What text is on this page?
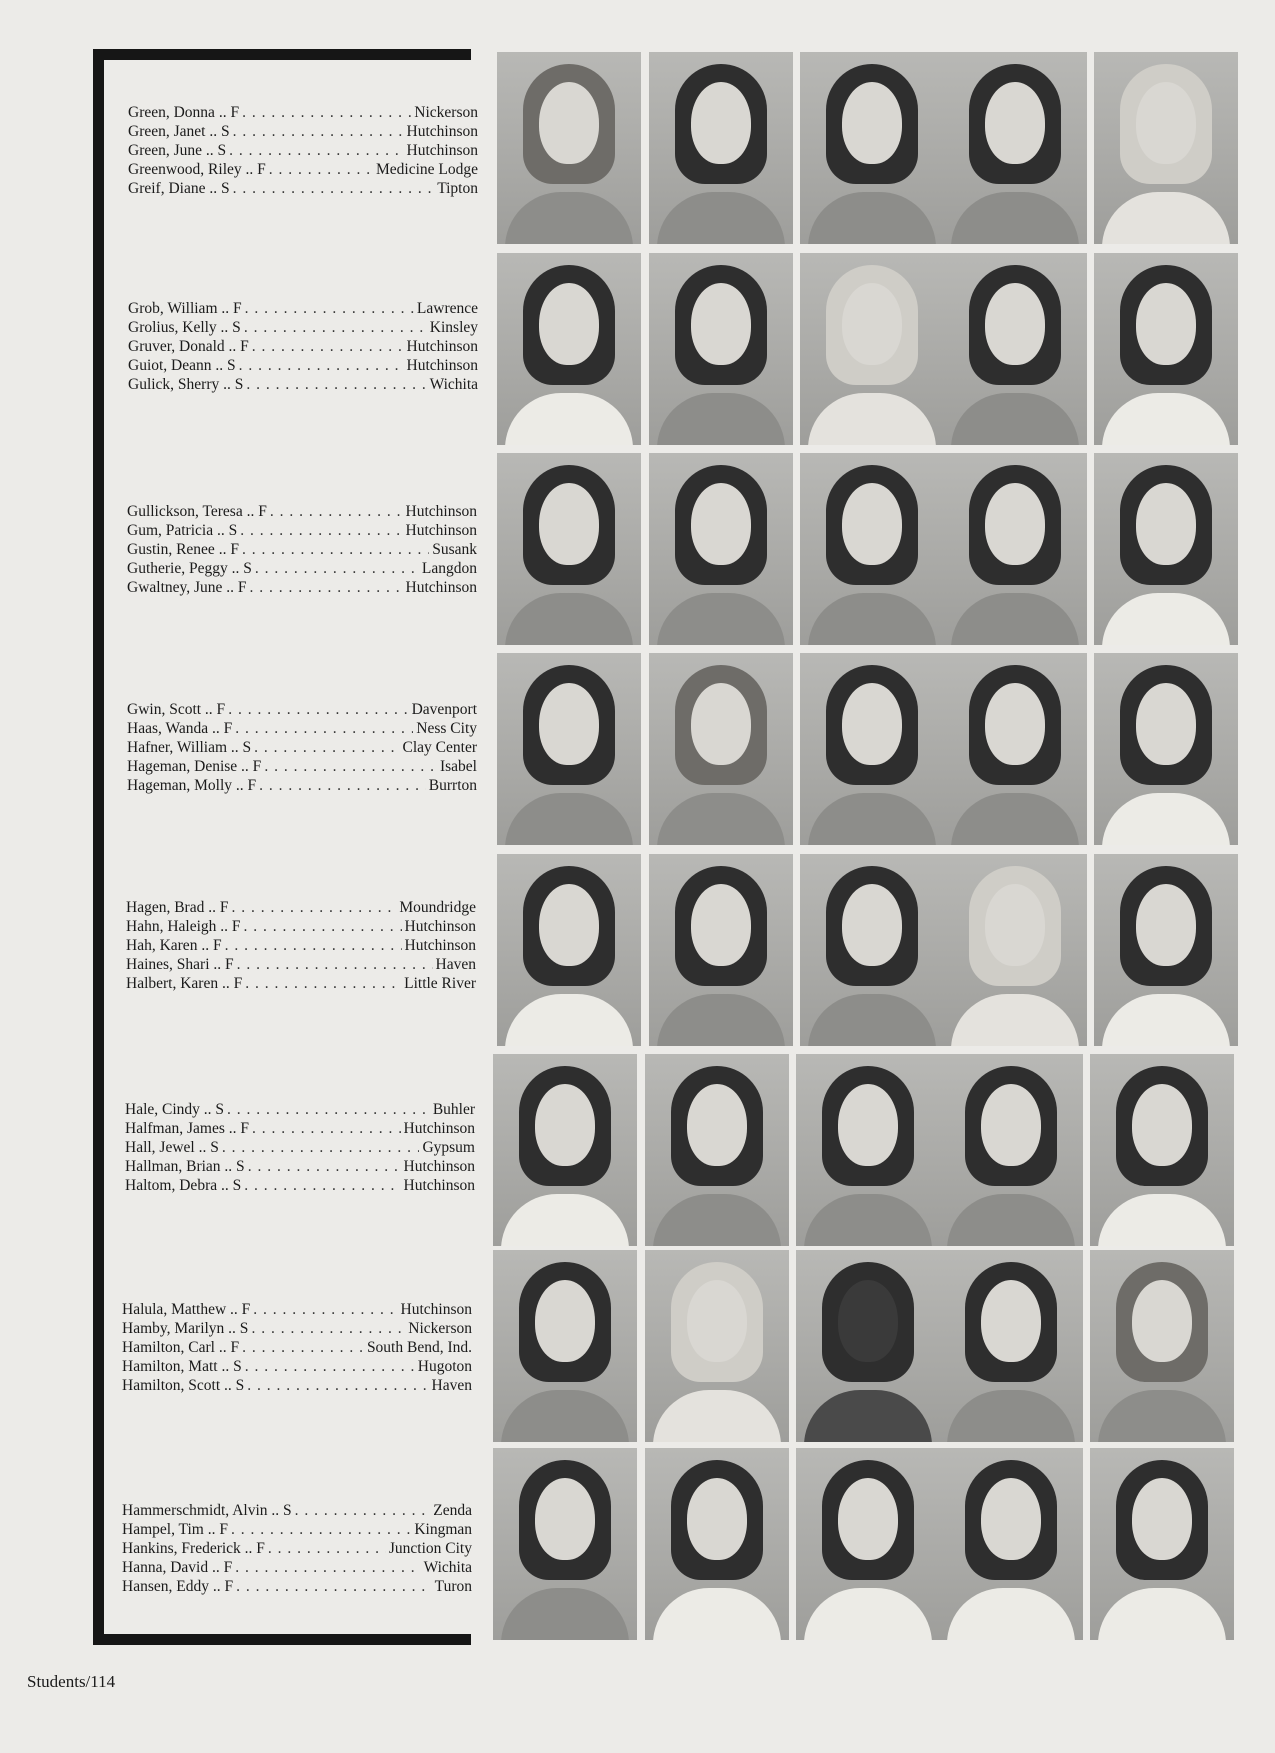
Green, Donna .. F . . .	Nickerson
Green, Janet .. S . . .	Hutchinson
Green, June .. S . . .	Hutchinson
Greenwood, Riley .. F . . .	Medicine Lodge
Greif, Diane .. S . . .	Tipton
Grob, William .. F . . .	Lawrence
Grolius, Kelly .. S . . .	Kinsley
Gruver, Donald .. F . . .	Hutchinson
Guiot, Deann .. S . . .	Hutchinson
Gulick, Sherry .. S . . .	Wichita
Gullickson, Teresa .. F . . .	Hutchinson
Gum, Patricia .. S . . .	Hutchinson
Gustin, Renee .. F . . .	Susank
Gutherie, Peggy .. S . . .	Langdon
Gwaltney, June .. F . . .	Hutchinson
Gwin, Scott .. F . . .	Davenport
Haas, Wanda .. F . . .	Ness City
Hafner, William .. S . . .	Clay Center
Hageman, Denise .. F . . .	Isabel
Hageman, Molly .. F . . .	Burrton
Hagen, Brad .. F . . .	Moundridge
Hahn, Haleigh .. F . . .	Hutchinson
Hah, Karen .. F . . .	Hutchinson
Haines, Shari .. F . . .	Haven
Halbert, Karen .. F . . .	Little River
Hale, Cindy .. S . . .	Buhler
Halfman, James .. F . . .	Hutchinson
Hall, Jewel .. S . . .	Gypsum
Hallman, Brian .. S . . .	Hutchinson
Haltom, Debra .. S . . .	Hutchinson
Halula, Matthew .. F . . .	Hutchinson
Hamby, Marilyn .. S . . .	Nickerson
Hamilton, Carl .. F . . .	South Bend, Ind.
Hamilton, Matt .. S . . .	Hugoton
Hamilton, Scott .. S . . .	Haven
Hammerschmidt, Alvin .. S . . .	Zenda
Hampel, Tim .. F . . .	Kingman
Hankins, Frederick .. F . . .	Junction City
Hanna, David .. F . . .	Wichita
Hansen, Eddy .. F . . .	Turon
Students/114
